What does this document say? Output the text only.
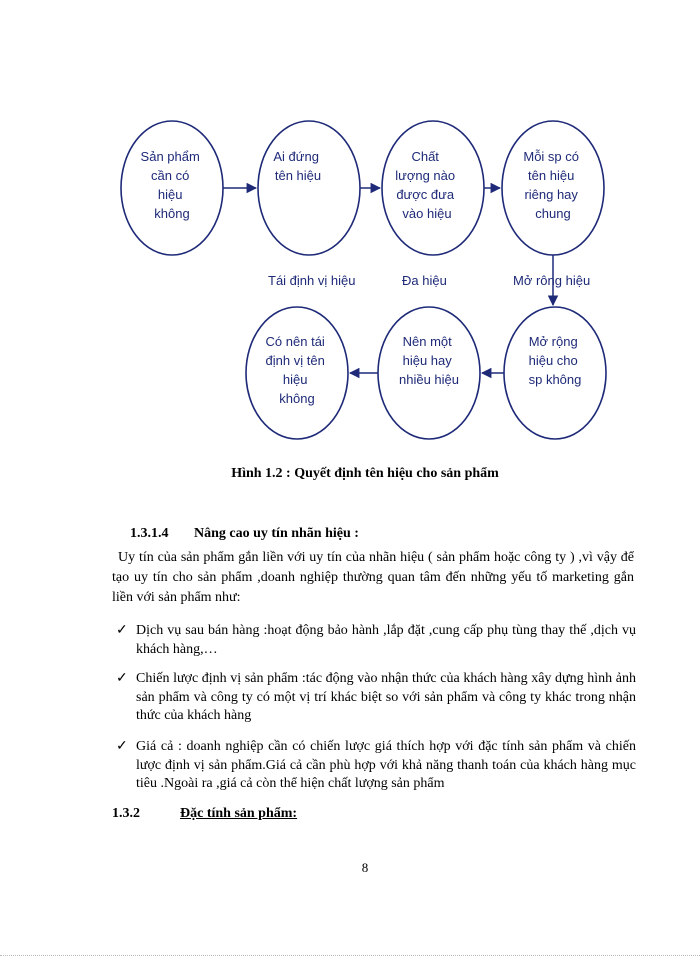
Sản phẩm cần có hiệu không
Ai đứng tên hiệu
Chất lượng nào được đưa vào hiệu
Mỗi sp có tên hiệu riêng hay chung
Có nên tái định vị tên hiệu không
Nên một hiệu hay nhiều hiệu
Mở rộng hiệu cho sp không
Tái định vị hiệu	Đa hiệu	Mở rông hiệu
Hình 1.2 : Quyết định tên hiệu cho sản phẩm
1.3.1.4 Nâng cao uy tín nhãn hiệu :
Uy tín của sản phẩm gắn liền với uy tín của nhãn hiệu ( sản phẩm hoặc công ty ) ,vì vậy để tạo uy tín cho sản phẩm ,doanh nghiệp thường quan tâm đến những yếu tố marketing gắn liền với sản phẩm như:
✓ Dịch vụ sau bán hàng :hoạt động bảo hành ,lắp đặt ,cung cấp phụ tùng thay thế ,dịch vụ khách hàng,…
✓ Chiến lược định vị sản phẩm :tác động vào nhận thức của khách hàng xây dựng hình ảnh sản phẩm và công ty có một vị trí khác biệt so với sản phẩm và công ty khác trong nhận thức của khách hàng
✓ Giá cả : doanh nghiệp cần có chiến lược giá thích hợp với đặc tính sản phẩm và chiến lược định vị sản phẩm.Giá cả cần phù hợp với khả năng thanh toán của khách hàng mục tiêu .Ngoài ra ,giá cả còn thể hiện chất lượng sản phẩm
1.3.2	Đặc tính sản phẩm:
8
